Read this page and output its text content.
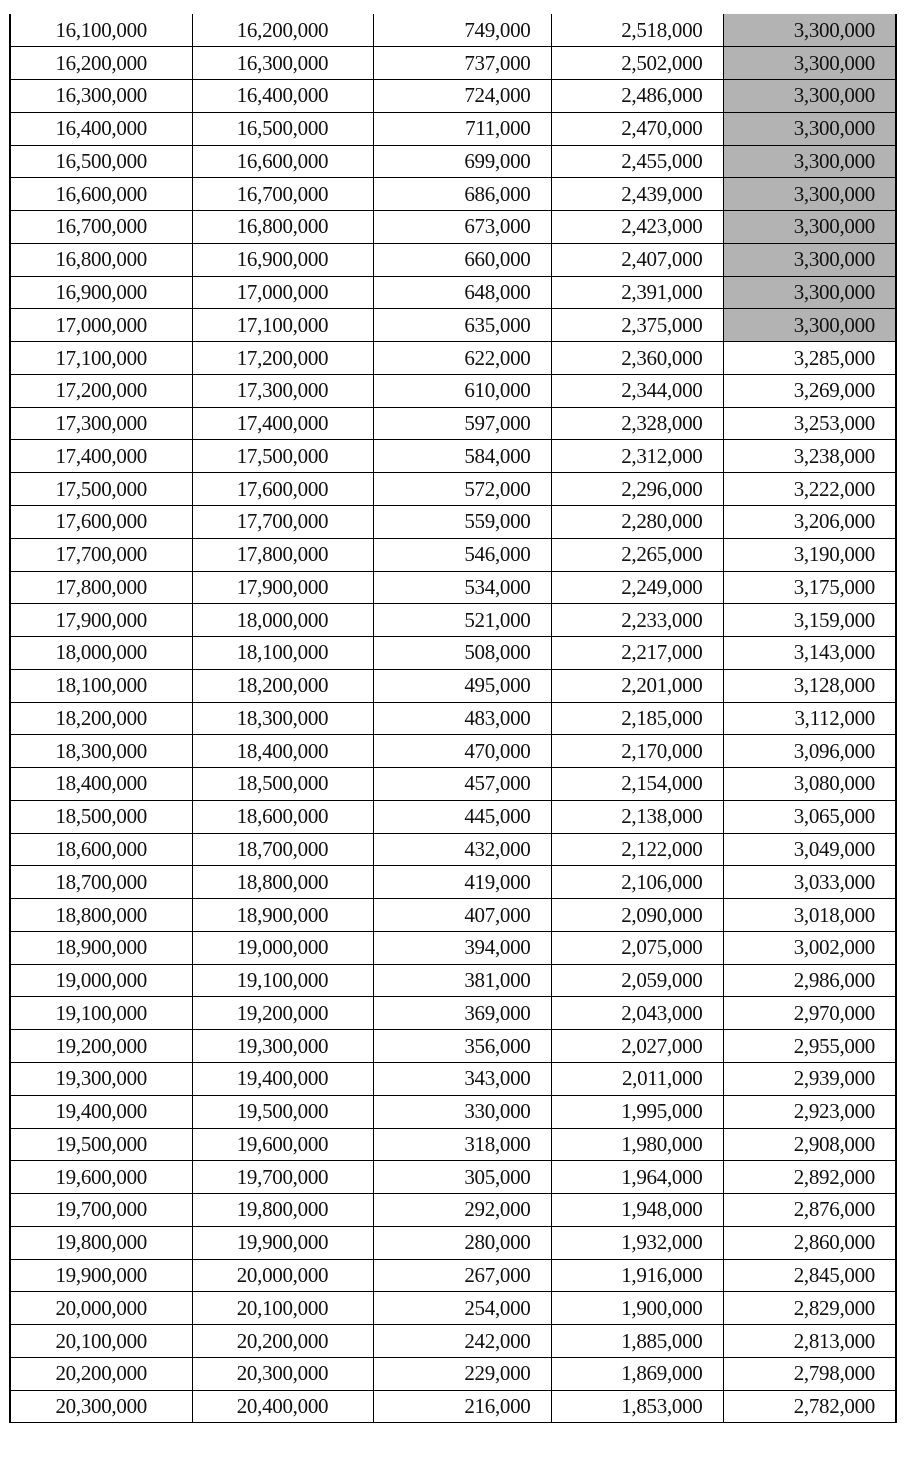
16,100,000	16,200,000	749,000	2,518,000	3,300,000
16,200,000	16,300,000	737,000	2,502,000	3,300,000
16,300,000	16,400,000	724,000	2,486,000	3,300,000
16,400,000	16,500,000	711,000	2,470,000	3,300,000
16,500,000	16,600,000	699,000	2,455,000	3,300,000
16,600,000	16,700,000	686,000	2,439,000	3,300,000
16,700,000	16,800,000	673,000	2,423,000	3,300,000
16,800,000	16,900,000	660,000	2,407,000	3,300,000
16,900,000	17,000,000	648,000	2,391,000	3,300,000
17,000,000	17,100,000	635,000	2,375,000	3,300,000
17,100,000	17,200,000	622,000	2,360,000	3,285,000
17,200,000	17,300,000	610,000	2,344,000	3,269,000
17,300,000	17,400,000	597,000	2,328,000	3,253,000
17,400,000	17,500,000	584,000	2,312,000	3,238,000
17,500,000	17,600,000	572,000	2,296,000	3,222,000
17,600,000	17,700,000	559,000	2,280,000	3,206,000
17,700,000	17,800,000	546,000	2,265,000	3,190,000
17,800,000	17,900,000	534,000	2,249,000	3,175,000
17,900,000	18,000,000	521,000	2,233,000	3,159,000
18,000,000	18,100,000	508,000	2,217,000	3,143,000
18,100,000	18,200,000	495,000	2,201,000	3,128,000
18,200,000	18,300,000	483,000	2,185,000	3,112,000
18,300,000	18,400,000	470,000	2,170,000	3,096,000
18,400,000	18,500,000	457,000	2,154,000	3,080,000
18,500,000	18,600,000	445,000	2,138,000	3,065,000
18,600,000	18,700,000	432,000	2,122,000	3,049,000
18,700,000	18,800,000	419,000	2,106,000	3,033,000
18,800,000	18,900,000	407,000	2,090,000	3,018,000
18,900,000	19,000,000	394,000	2,075,000	3,002,000
19,000,000	19,100,000	381,000	2,059,000	2,986,000
19,100,000	19,200,000	369,000	2,043,000	2,970,000
19,200,000	19,300,000	356,000	2,027,000	2,955,000
19,300,000	19,400,000	343,000	2,011,000	2,939,000
19,400,000	19,500,000	330,000	1,995,000	2,923,000
19,500,000	19,600,000	318,000	1,980,000	2,908,000
19,600,000	19,700,000	305,000	1,964,000	2,892,000
19,700,000	19,800,000	292,000	1,948,000	2,876,000
19,800,000	19,900,000	280,000	1,932,000	2,860,000
19,900,000	20,000,000	267,000	1,916,000	2,845,000
20,000,000	20,100,000	254,000	1,900,000	2,829,000
20,100,000	20,200,000	242,000	1,885,000	2,813,000
20,200,000	20,300,000	229,000	1,869,000	2,798,000
20,300,000	20,400,000	216,000	1,853,000	2,782,000
